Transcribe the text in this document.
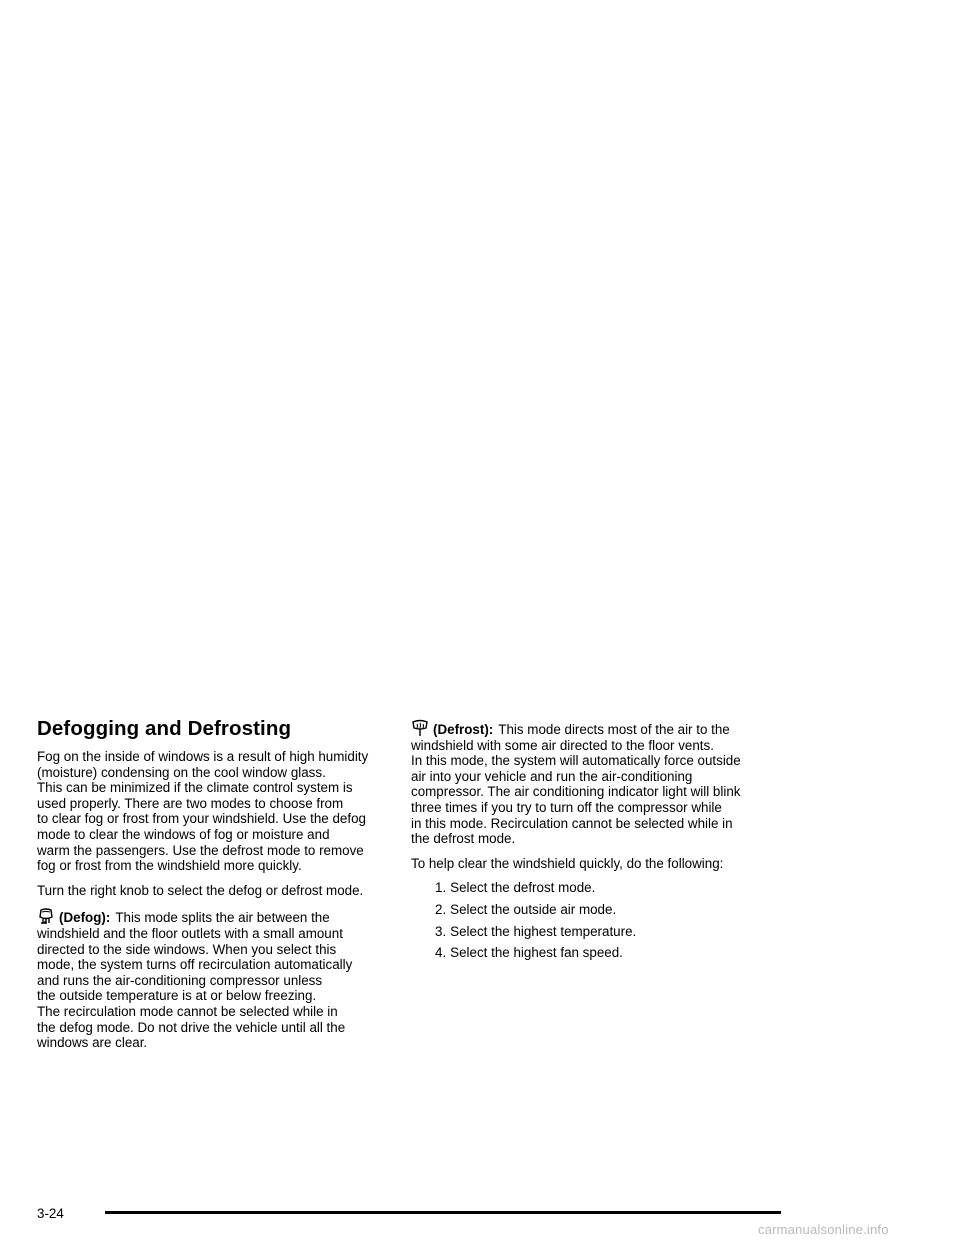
Defogging and Defrosting

Fog on the inside of windows is a result of high humidity
(moisture) condensing on the cool window glass.
This can be minimized if the climate control system is
used properly. There are two modes to choose from
to clear fog or frost from your windshield. Use the defog
mode to clear the windows of fog or moisture and
warm the passengers. Use the defrost mode to remove
fog or frost from the windshield more quickly.

Turn the right knob to select the defog or defrost mode.

(Defog): This mode splits the air between the
windshield and the floor outlets with a small amount
directed to the side windows. When you select this
mode, the system turns off recirculation automatically
and runs the air-conditioning compressor unless
the outside temperature is at or below freezing.
The recirculation mode cannot be selected while in
the defog mode. Do not drive the vehicle until all the
windows are clear.

(Defrost): This mode directs most of the air to the
windshield with some air directed to the floor vents.
In this mode, the system will automatically force outside
air into your vehicle and run the air-conditioning
compressor. The air conditioning indicator light will blink
three times if you try to turn off the compressor while
in this mode. Recirculation cannot be selected while in
the defrost mode.

To help clear the windshield quickly, do the following:

1. Select the defrost mode.
2. Select the outside air mode.
3. Select the highest temperature.
4. Select the highest fan speed.
3-24
carmanualsonline.info
